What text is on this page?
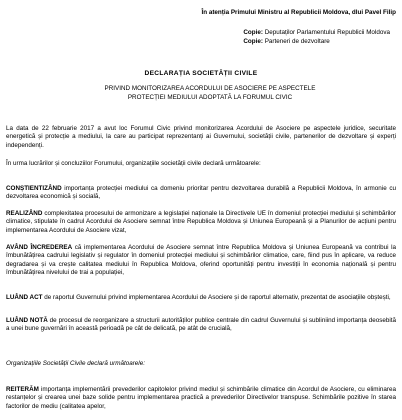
În atenția Primului Ministru al Republicii Moldova, dlui Pavel Filip
Copie: Deputaților Parlamentului Republicii Moldova
Copie: Parteneri de dezvoltare
DECLARAȚIA SOCIETĂȚII CIVILE
PRIVIND MONITORIZAREA ACORDULUI DE ASOCIERE PE ASPECTELE PROTECȚIEI MEDIULUI ADOPTATĂ LA FORUMUL CIVIC
La data de 22 februarie 2017 a avut loc Forumul Civic privind monitorizarea Acordului de Asociere pe aspectele juridice, securitate energetică și protecție a mediului, la care au participat reprezentanți ai Guvernului, societății civile, partenerilor de dezvoltare și experți independenți.
În urma lucrărilor și concluziilor Forumului, organizațiile societății civile declară următoarele:
CONȘTIENTIZÂND importanța protecției mediului ca domeniu prioritar pentru dezvoltarea durabilă a Republicii Moldova, în armonie cu dezvoltarea economică și socială,
REALIZÂND complexitatea procesului de armonizare a legislației naționale la Directivele UE în domeniul protecției mediului și schimbărilor climatice, stipulate în cadrul Acordului de Asociere semnat între Republica Moldova și Uniunea Europeană și a Planurilor de acțiuni pentru implementarea Acordului de Asociere vizat,
AVÂND ÎNCREDEREA că implementarea Acordului de Asociere semnat între Republica Moldova și Uniunea Europeană va contribui la îmbunătățirea cadrului legislativ și regulator în domeniul protecției mediului și schimbărilor climatice, care, fiind pus în aplicare, va reduce degradarea și va crește calitatea mediului în Republica Moldova, oferind oportunități pentru investiții în economia națională și pentru îmbunătățirea nivelului de trai a populației,
LUÂND ACT de raportul Guvernului privind implementarea Acordului de Asociere și de raportul alternativ, prezentat de asociațiile obștești,
LUÂND NOTĂ de procesul de reorganizare a structurii autorităților publice centrale din cadrul Guvernului și subliniind importanța deosebită a unei bune guvernări în această perioadă pe cât de delicată, pe atât de crucială,
Organizațiile Societății Civile declară următoarele:
REITERĂM importanța implementării prevederilor capitolelor privind mediul și schimbările climatice din Acordul de Asociere, cu eliminarea restanțelor și crearea unei baze solide pentru implementarea practică a prevederilor Directivelor transpuse. Schimbările pozitive în starea factorilor de mediu (calitatea apelor,
